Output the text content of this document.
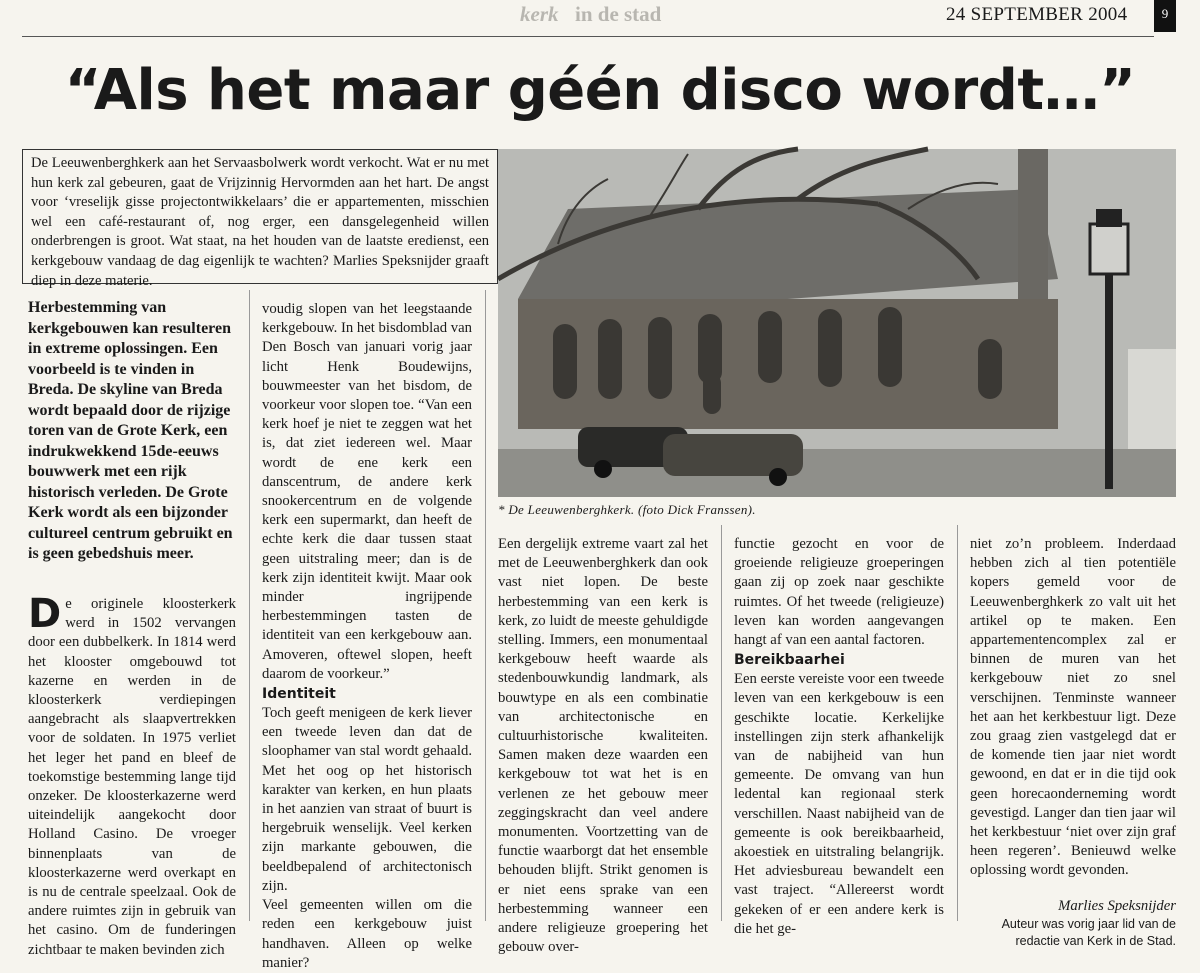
kerk in de stad	24 SEPTEMBER 2004	9
“Als het maar géén disco wordt…”
De Leeuwenberghkerk aan het Servaasbolwerk wordt verkocht. Wat er nu met hun kerk zal gebeuren, gaat de Vrijzinnig Hervormden aan het hart. De angst voor ‘vreselijk gisse projectontwikkelaars’ die er appartementen, misschien wel een café-restaurant of, nog erger, een dansgelegenheid willen onderbrengen is groot. Wat staat, na het houden van de laatste eredienst, een kerkgebouw vandaag de dag eigenlijk te wachten? Marlies Speksnijder graaft diep in deze materie.
* De Leeuwenberghkerk. (foto Dick Franssen).
Herbestemming van kerkgebouwen kan resulteren in extreme oplossingen. Een voorbeeld is te vinden in Breda. De skyline van Breda wordt bepaald door de rijzige toren van de Grote Kerk, een indrukwekkend 15de-eeuws bouwwerk met een rijk historisch verleden. De Grote Kerk wordt als een bijzonder cultureel centrum gebruikt en is geen gebedshuis meer.

De originele kloosterkerk werd in 1502 vervangen door een dubbelkerk. In 1814 werd het klooster omgebouwd tot kazerne en werden in de kloosterkerk verdiepingen aangebracht als slaapvertrekken voor de soldaten. In 1975 verliet het leger het pand en bleef de toekomstige bestemming lange tijd onzeker. De kloosterkazerne werd uiteindelijk aangekocht door Holland Casino. De vroeger binnenplaats van de kloosterkazerne werd overkapt en is nu de centrale speelzaal. Ook de andere ruimtes zijn in gebruik van het casino. Om de funderingen zichtbaar te maken bevinden zich

voudig slopen van het leegstaande kerkgebouw. In het bisdomblad van Den Bosch van januari vorig jaar licht Henk Boudewijns, bouwmeester van het bisdom, de voorkeur voor slopen toe. “Van een kerk hoef je niet te zeggen wat het is, dat ziet iedereen wel. Maar wordt de ene kerk een danscentrum, de andere kerk snookercentrum en de volgende kerk een supermarkt, dan heeft de echte kerk die daar tussen staat geen uitstraling meer; dan is de kerk zijn identiteit kwijt. Maar ook minder ingrijpende herbestemmingen tasten de identiteit van een kerkgebouw aan. Amoveren, oftewel slopen, heeft daarom de voorkeur.”

Identiteit

Toch geeft menigeen de kerk liever een tweede leven dan dat de sloophamer van stal wordt gehaald. Met het oog op het historisch karakter van kerken, en hun plaats in het aanzien van straat of buurt is hergebruik wenselijk. Veel kerken zijn markante gebouwen, die beeldbepalend of architectonisch zijn.

Veel gemeenten willen om die reden een kerkgebouw juist handhaven. Alleen op welke manier?

Een dergelijk extreme vaart zal het met de Leeuwenberghkerk dan ook vast niet lopen. De beste herbestemming van een kerk is kerk, zo luidt de meeste gehuldigde stelling. Immers, een monumentaal kerkgebouw heeft waarde als stedenbouwkundig landmark, als bouwtype en als een combinatie van architectonische en cultuurhistorische kwaliteiten. Samen maken deze waarden een kerkgebouw tot wat het is en verlenen ze het gebouw meer zeggingskracht dan veel andere monumenten. Voortzetting van de functie waarborgt dat het ensemble behouden blijft. Strikt genomen is er niet eens sprake van een herbestemming wanneer een andere religieuze groepering het gebouw over-

functie gezocht en voor de groeiende religieuze groeperingen gaan zij op zoek naar geschikte ruimtes. Of het tweede (religieuze) leven kan worden aangevangen hangt af van een aantal factoren.

Bereikbaarhei

Een eerste vereiste voor een tweede leven van een kerkgebouw is een geschikte locatie. Kerkelijke instellingen zijn sterk afhankelijk van de nabijheid van hun gemeente. De omvang van hun ledental kan regionaal sterk verschillen. Naast nabijheid van de gemeente is ook bereikbaarheid, akoestiek en uitstraling belangrijk. Het adviesbureau bewandelt een vast traject. “Allereerst wordt gekeken of er een andere kerk is die het ge-

niet zo’n probleem. Inderdaad hebben zich al tien potentiële kopers gemeld voor de Leeuwenberghkerk zo valt uit het artikel op te maken. Een appartementencomplex zal er binnen de muren van het kerkgebouw niet zo snel verschijnen. Tenminste wanneer het aan het kerkbestuur ligt. Deze zou graag zien vastgelegd dat er de komende tien jaar niet wordt gewoond, en dat er in die tijd ook geen horecaonderneming wordt gevestigd. Langer dan tien jaar wil het kerkbestuur ‘niet over zijn graf heen regeren’. Benieuwd welke oplossing wordt gevonden.

Marlies Speksnijder
Auteur was vorig jaar lid van de redactie van Kerk in de Stad.
